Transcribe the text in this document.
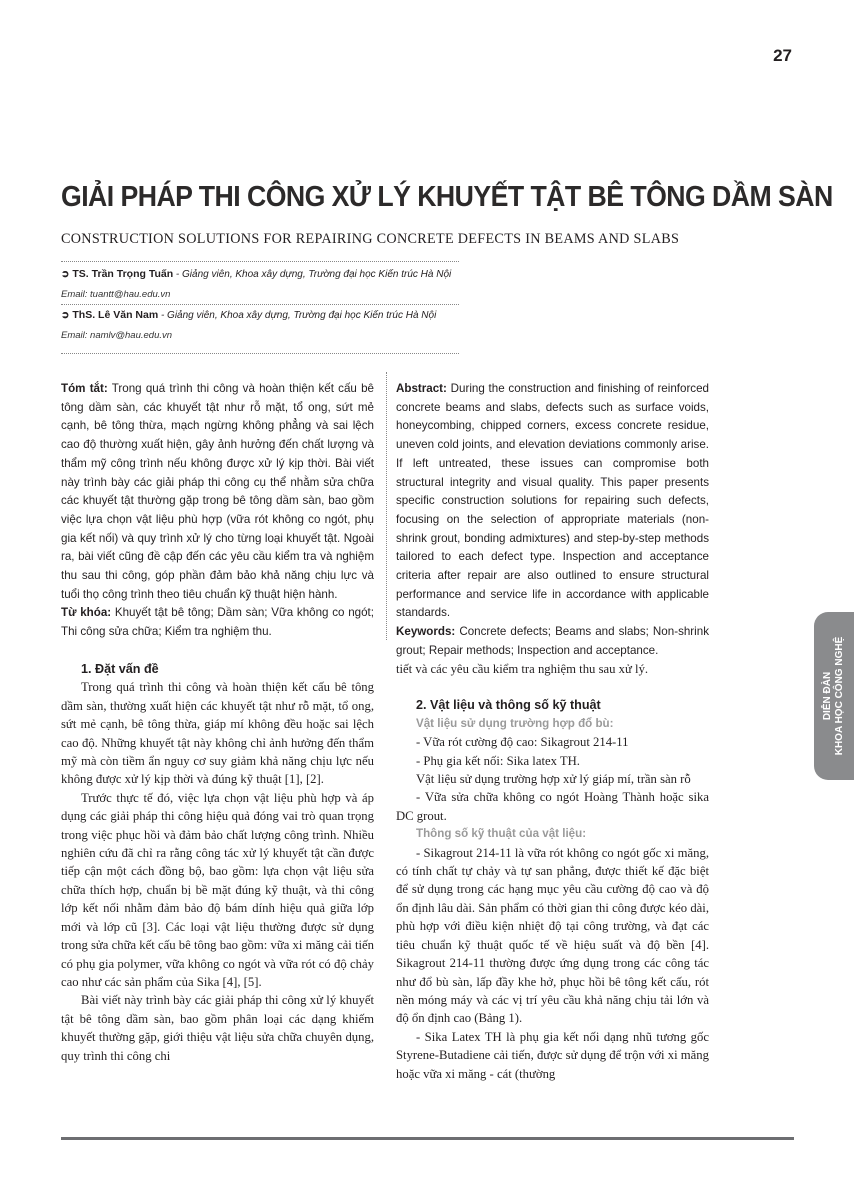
27
GIẢI PHÁP THI CÔNG XỬ LÝ KHUYẾT TẬT BÊ TÔNG DẦM SÀN
CONSTRUCTION SOLUTIONS FOR REPAIRING CONCRETE DEFECTS IN BEAMS AND SLABS
➲ TS. Trần Trọng Tuấn - Giảng viên, Khoa xây dựng, Trường đại học Kiến trúc Hà Nội
Email: tuantt@hau.edu.vn
➲ ThS. Lê Văn Nam - Giảng viên, Khoa xây dựng, Trường đại học Kiến trúc Hà Nội
Email: namlv@hau.edu.vn
Tóm tắt: Trong quá trình thi công và hoàn thiện kết cấu bê tông dầm sàn, các khuyết tật như rỗ mặt, tổ ong, sứt mẻ cạnh, bê tông thừa, mạch ngừng không phẳng và sai lệch cao độ thường xuất hiện, gây ảnh hưởng đến chất lượng và thẩm mỹ công trình nếu không được xử lý kịp thời. Bài viết này trình bày các giải pháp thi công cụ thể nhằm sửa chữa các khuyết tật thường gặp trong bê tông dầm sàn, bao gồm việc lựa chọn vật liệu phù hợp (vữa rót không co ngót, phụ gia kết nối) và quy trình xử lý cho từng loại khuyết tật. Ngoài ra, bài viết cũng đề cập đến các yêu cầu kiểm tra và nghiệm thu sau thi công, góp phần đảm bảo khả năng chịu lực và tuổi thọ công trình theo tiêu chuẩn kỹ thuật hiện hành.
Từ khóa: Khuyết tật bê tông; Dầm sàn; Vữa không co ngót; Thi công sửa chữa; Kiểm tra nghiệm thu.
Abstract: During the construction and finishing of reinforced concrete beams and slabs, defects such as surface voids, honeycombing, chipped corners, excess concrete residue, uneven cold joints, and elevation deviations commonly arise. If left untreated, these issues can compromise both structural integrity and visual quality. This paper presents specific construction solutions for repairing such defects, focusing on the selection of appropriate materials (non-shrink grout, bonding admixtures) and step-by-step methods tailored to each defect type. Inspection and acceptance criteria after repair are also outlined to ensure structural performance and service life in accordance with applicable standards.
Keywords: Concrete defects; Beams and slabs; Non-shrink grout; Repair methods; Inspection and acceptance.
1. Đặt vấn đề

Trong quá trình thi công và hoàn thiện kết cấu bê tông dầm sàn, thường xuất hiện các khuyết tật như rỗ mặt, tổ ong, sứt mẻ cạnh, bê tông thừa, giáp mí không đều hoặc sai lệch cao độ. Những khuyết tật này không chỉ ảnh hưởng đến thẩm mỹ mà còn tiềm ẩn nguy cơ suy giảm khả năng chịu lực nếu không được xử lý kịp thời và đúng kỹ thuật [1], [2].

Trước thực tế đó, việc lựa chọn vật liệu phù hợp và áp dụng các giải pháp thi công hiệu quả đóng vai trò quan trọng trong việc phục hồi và đảm bảo chất lượng công trình. Nhiều nghiên cứu đã chỉ ra rằng công tác xử lý khuyết tật cần được tiếp cận một cách đồng bộ, bao gồm: lựa chọn vật liệu sửa chữa thích hợp, chuẩn bị bề mặt đúng kỹ thuật, và thi công lớp kết nối nhằm đảm bảo độ bám dính hiệu quả giữa lớp mới và lớp cũ [3]. Các loại vật liệu thường được sử dụng trong sửa chữa kết cấu bê tông bao gồm: vữa xi măng cải tiến có phụ gia polymer, vữa không co ngót và vữa rót có độ chảy cao như các sản phẩm của Sika [4], [5].

Bài viết này trình bày các giải pháp thi công xử lý khuyết tật bê tông dầm sàn, bao gồm phân loại các dạng khiếm khuyết thường gặp, giới thiệu vật liệu sửa chữa chuyên dụng, quy trình thi công chi

tiết và các yêu cầu kiểm tra nghiệm thu sau xử lý.

2. Vật liệu và thông số kỹ thuật

Vật liệu sử dụng trường hợp đổ bù:

- Vữa rót cường độ cao: Sikagrout 214-11

- Phụ gia kết nối: Sika latex TH.

Vật liệu sử dụng trường hợp xử lý giáp mí, trần sàn rỗ

- Vữa sửa chữa không co ngót Hoàng Thành hoặc sika DC grout.

Thông số kỹ thuật của vật liệu:

- Sikagrout 214-11 là vữa rót không co ngót gốc xi măng, có tính chất tự chảy và tự san phẳng, được thiết kế đặc biệt để sử dụng trong các hạng mục yêu cầu cường độ cao và độ ổn định lâu dài. Sản phẩm có thời gian thi công được kéo dài, phù hợp với điều kiện nhiệt độ tại công trường, và đạt các tiêu chuẩn kỹ thuật quốc tế về hiệu suất và độ bền [4]. Sikagrout 214-11 thường được ứng dụng trong các công tác như đổ bù sàn, lấp đầy khe hở, phục hồi bê tông kết cấu, rót nền móng máy và các vị trí yêu cầu khả năng chịu tải lớn và độ ổn định cao (Bảng 1).

- Sika Latex TH là phụ gia kết nối dạng nhũ tương gốc Styrene-Butadiene cải tiến, được sử dụng để trộn với xi măng hoặc vữa xi măng - cát (thường

DIỄN ĐÀN
KHOA HỌC CÔNG NGHỆ
